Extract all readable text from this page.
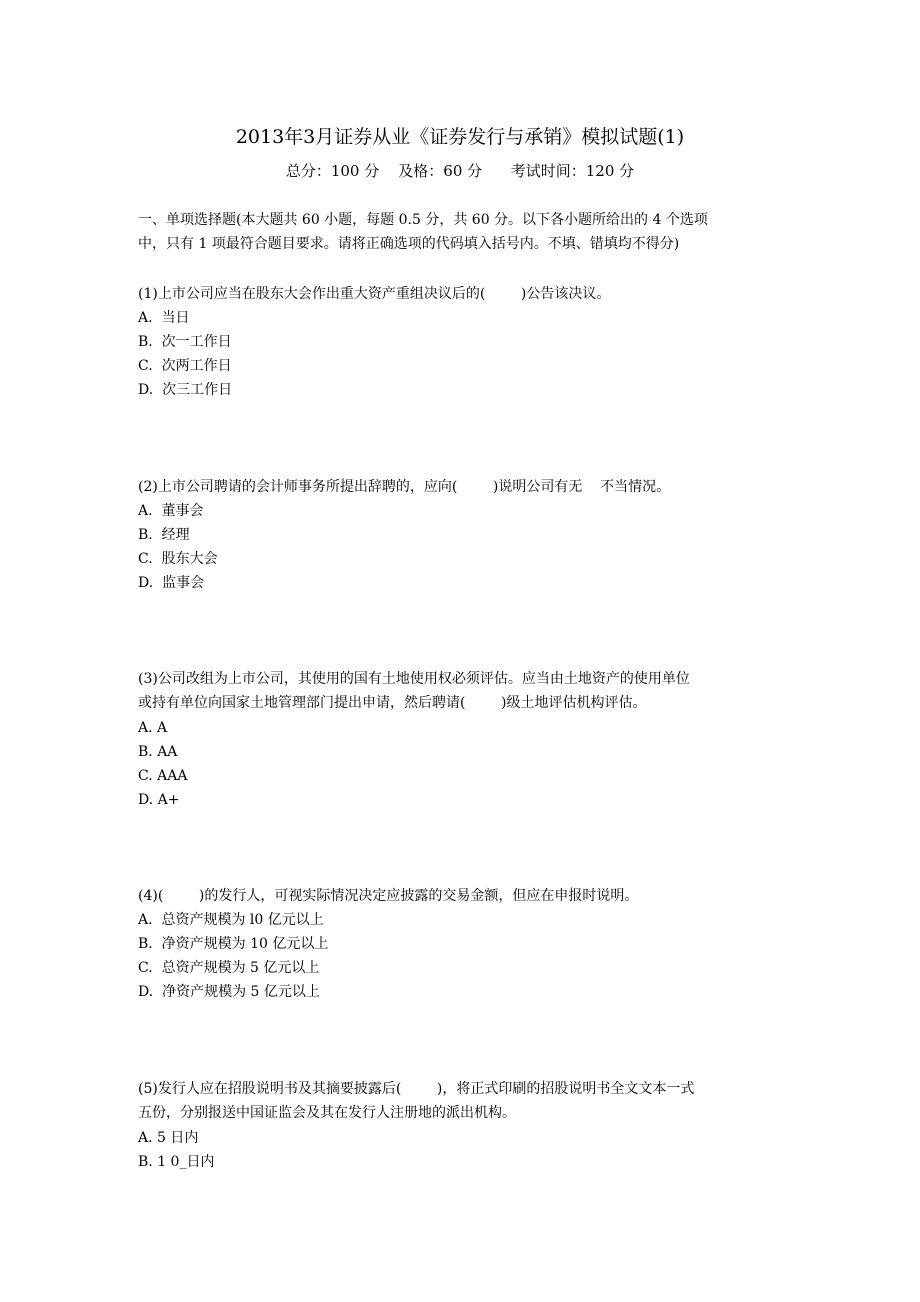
2013年3月证券从业《证券发行与承销》模拟试题(1)
总分：100 分    及格：60 分      考试时间：120 分
一、单项选择题(本大题共 60 小题，每题 0.5 分，共 60 分。以下各小题所给出的 4 个选项
中，只有 1 项最符合题目要求。请将正确选项的代码填入括号内。不填、错填均不得分)
(1)上市公司应当在股东大会作出重大资产重组决议后的(        )公告该决议。
A.  当日
B.  次一工作日
C.  次两工作日
D.  次三工作日
(2)上市公司聘请的会计师事务所提出辞聘的，应向(        )说明公司有无    不当情况。
A.  董事会
B.  经理
C.  股东大会
D.  监事会
(3)公司改组为上市公司，其使用的国有土地使用权必须评估。应当由土地资产的使用单位
或持有单位向国家土地管理部门提出申请，然后聘请(        )级土地评估机构评估。
A. A
B. AA
C. AAA
D. A+
(4)(        )的发行人，可视实际情况决定应披露的交易金额，但应在申报时说明。
A.  总资产规模为 l0 亿元以上
B.  净资产规模为 10 亿元以上
C.  总资产规模为 5 亿元以上
D.  净资产规模为 5 亿元以上
(5)发行人应在招股说明书及其摘要披露后(        )，将正式印刷的招股说明书全文文本一式
五份，分别报送中国证监会及其在发行人注册地的派出机构。
A. 5 日内
B. 1 0_日内
